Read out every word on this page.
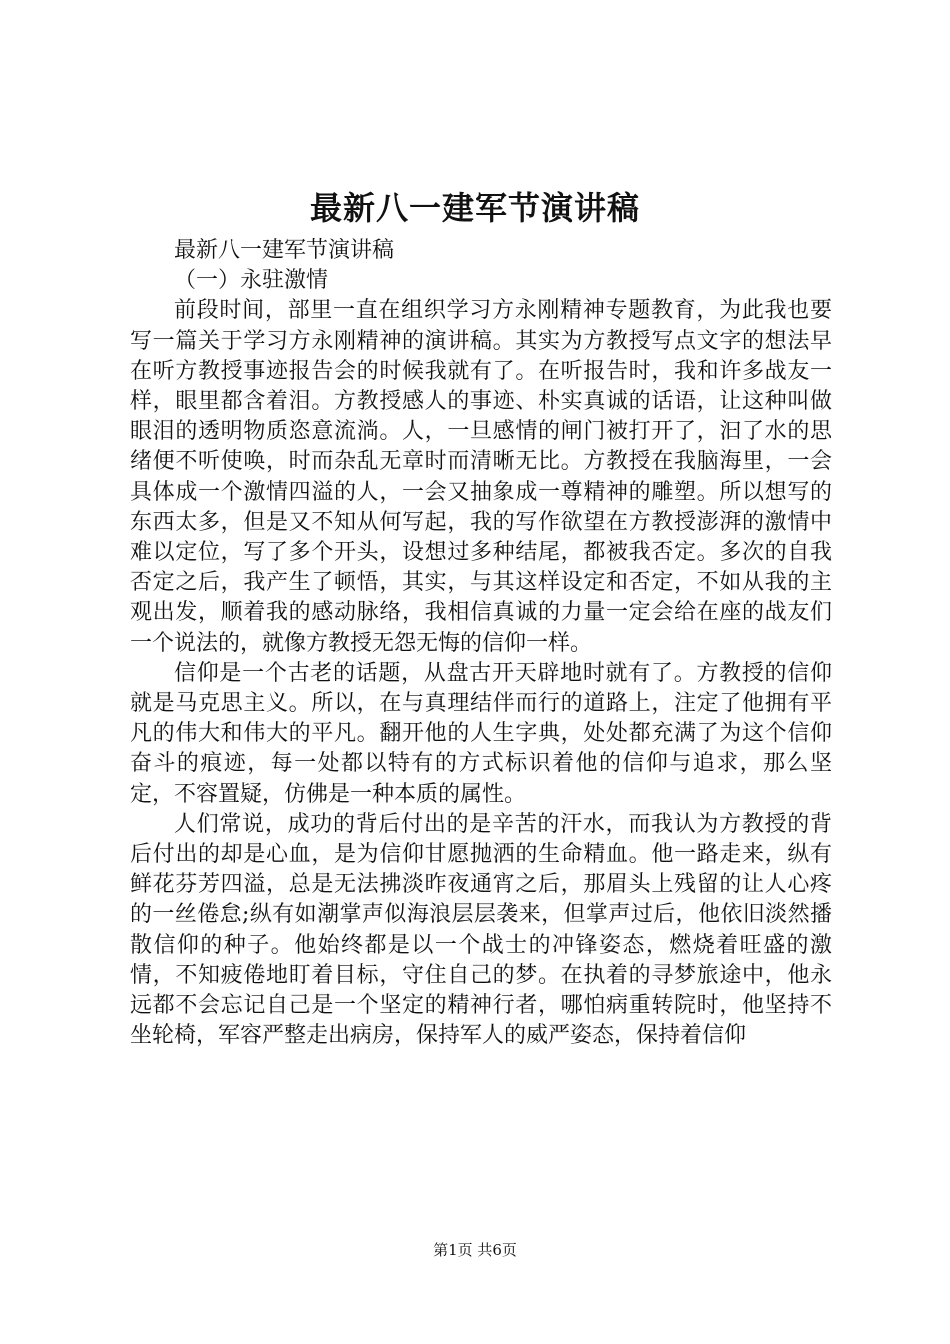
最新八一建军节演讲稿

最新八一建军节演讲稿

（一）永驻激情

前段时间，部里一直在组织学习方永刚精神专题教育，为此我也要写一篇关于学习方永刚精神的演讲稿。其实为方教授写点文字的想法早在听方教授事迹报告会的时候我就有了。在听报告时，我和许多战友一样，眼里都含着泪。方教授感人的事迹、朴实真诚的话语，让这种叫做眼泪的透明物质恣意流淌。人，一旦感情的闸门被打开了，汩了水的思绪便不听使唤，时而杂乱无章时而清晰无比。方教授在我脑海里，一会具体成一个激情四溢的人，一会又抽象成一尊精神的雕塑。所以想写的东西太多，但是又不知从何写起，我的写作欲望在方教授澎湃的激情中难以定位，写了多个开头，设想过多种结尾，都被我否定。多次的自我否定之后，我产生了顿悟，其实，与其这样设定和否定，不如从我的主观出发，顺着我的感动脉络，我相信真诚的力量一定会给在座的战友们一个说法的，就像方教授无怨无悔的信仰一样。

信仰是一个古老的话题，从盘古开天辟地时就有了。方教授的信仰就是马克思主义。所以，在与真理结伴而行的道路上，注定了他拥有平凡的伟大和伟大的平凡。翻开他的人生字典，处处都充满了为这个信仰奋斗的痕迹，每一处都以特有的方式标识着他的信仰与追求，那么坚定，不容置疑，仿佛是一种本质的属性。

人们常说，成功的背后付出的是辛苦的汗水，而我认为方教授的背后付出的却是心血，是为信仰甘愿抛洒的生命精血。他一路走来，纵有鲜花芬芳四溢，总是无法拂淡昨夜通宵之后，那眉头上残留的让人心疼的一丝倦怠;纵有如潮掌声似海浪层层袭来，但掌声过后，他依旧淡然播散信仰的种子。他始终都是以一个战士的冲锋姿态，燃烧着旺盛的激情，不知疲倦地盯着目标，守住自己的梦。在执着的寻梦旅途中，他永远都不会忘记自己是一个坚定的精神行者，哪怕病重转院时，他坚持不坐轮椅，军容严整走出病房，保持军人的威严姿态，保持着信仰

第1页 共6页
